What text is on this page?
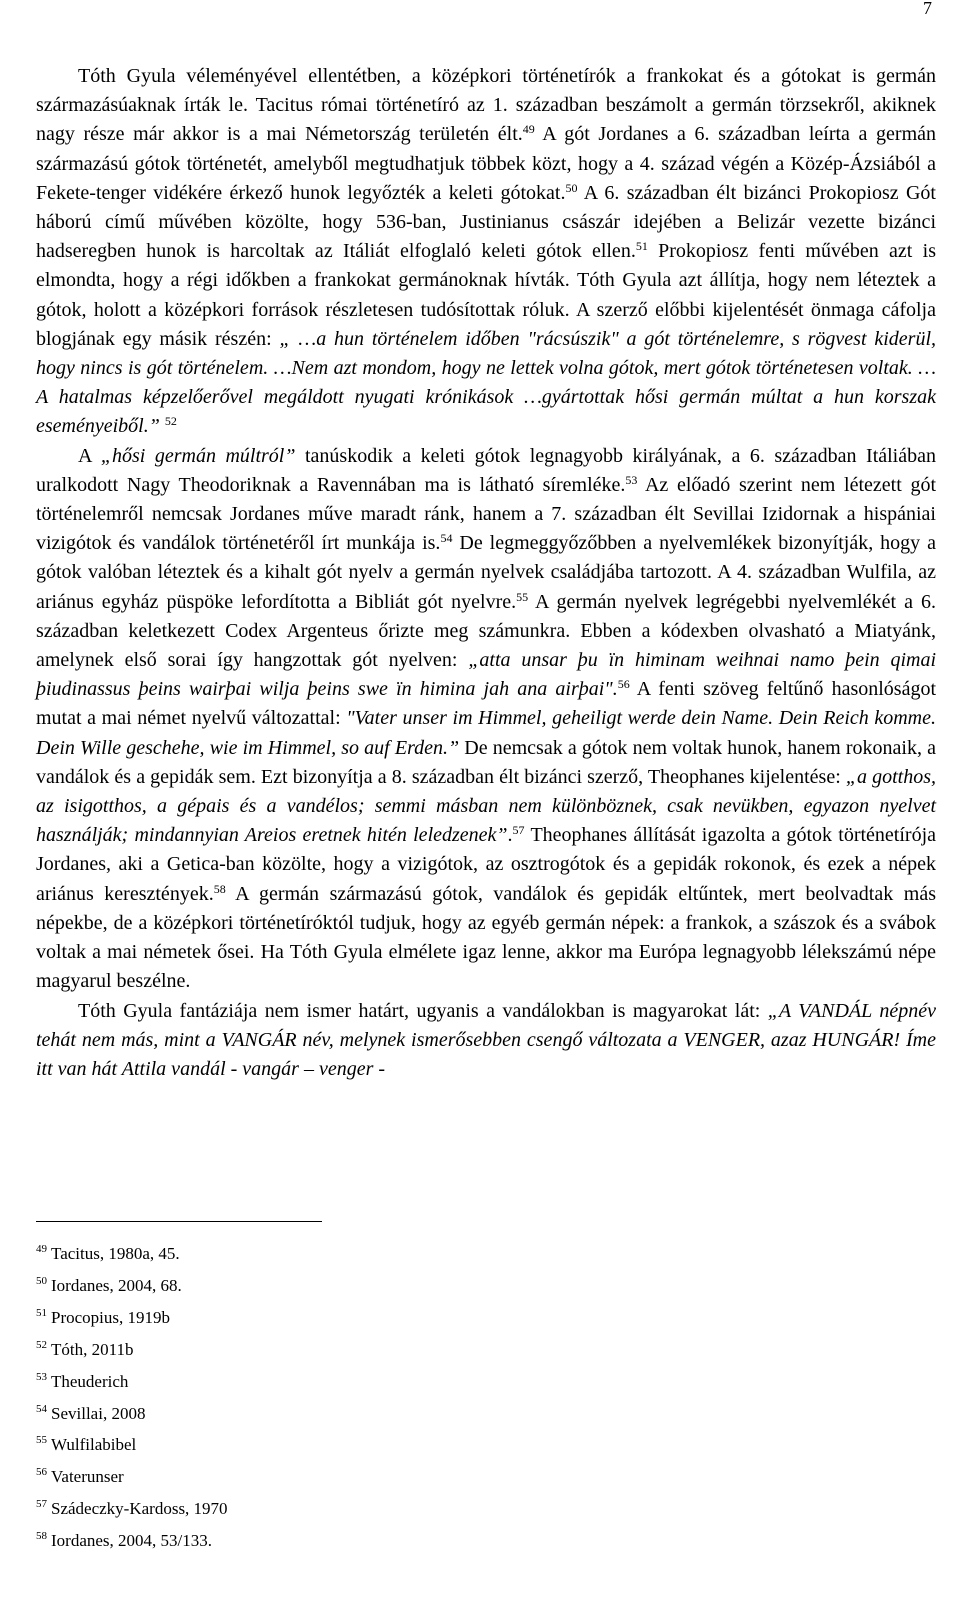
7

Tóth Gyula véleményével ellentétben, a középkori történetírók a frankokat és a gótokat is germán származásúaknak írták le. Tacitus római történetíró az 1. században beszámolt a germán törzsekről, akiknek nagy része már akkor is a mai Németország területén élt.$^{49}$ A gót Jordanes a 6. században leírta a germán származású gótok történetét, amelyből megtudhatjuk többek közt, hogy a 4. század végén a Közép-Ázsiából a Fekete-tenger vidékére érkező hunok legyőzték a keleti gótokat.$^{50}$ A 6. században élt bizánci Prokopiosz Gót háború című művében közölte, hogy 536-ban, Justinianus császár idejében a Belizár vezette bizánci hadseregben hunok is harcoltak az Itáliát elfoglaló keleti gótok ellen.$^{51}$ Prokopiosz fenti művében azt is elmondta, hogy a régi időkben a frankokat germánoknak hívták. Tóth Gyula azt állítja, hogy nem léteztek a gótok, holott a középkori források részletesen tudósítottak róluk. A szerző előbbi kijelentését önmaga cáfolja blogjának egy másik részén: „ …a hun történelem időben "rácsúszik" a gót történelemre, s rögvest kiderül, hogy nincs is gót történelem. …Nem azt mondom, hogy ne lettek volna gótok, mert gótok történetesen voltak. …A hatalmas képzelőerővel megáldott nyugati krónikások …gyártottak hősi germán múltat a hun korszak eseményeiből.” $^{52}$

A „hősi germán múltról” tanúskodik a keleti gótok legnagyobb királyának, a 6. században Itáliában uralkodott Nagy Theodoriknak a Ravennában ma is látható síremléke.$^{53}$ Az előadó szerint nem létezett gót történelemről nemcsak Jordanes műve maradt ránk, hanem a 7. században élt Sevillai Izidornak a hispániai vizigótok és vandálok történetéről írt munkája is.$^{54}$ De legmeggyőzőbben a nyelvemlékek bizonyítják, hogy a gótok valóban léteztek és a kihalt gót nyelv a germán nyelvek családjába tartozott. A 4. században Wulfila, az ariánus egyház püspöke lefordította a Bibliát gót nyelvre.$^{55}$ A germán nyelvek legrégebbi nyelvemlékét a 6. században keletkezett Codex Argenteus őrizte meg számunkra. Ebben a kódexben olvasható a Miatyánk, amelynek első sorai így hangzottak gót nyelven: „atta unsar þu ïn himinam weihnai namo þein qimai þiudinassus þeins wairþai wilja þeins swe ïn himina jah ana airþai".$^{56}$ A fenti szöveg feltűnő hasonlóságot mutat a mai német nyelvű változattal: "Vater unser im Himmel, geheiligt werde dein Name. Dein Reich komme. Dein Wille geschehe, wie im Himmel, so auf Erden.” De nemcsak a gótok nem voltak hunok, hanem rokonaik, a vandálok és a gepidák sem. Ezt bizonyítja a 8. században élt bizánci szerző, Theophanes kijelentése: „a gotthos, az isigotthos, a gépais és a vandélos; semmi másban nem különböznek, csak nevükben, egyazon nyelvet használják; mindannyian Areios eretnek hitén leledzenek”.$^{57}$ Theophanes állítását igazolta a gótok történetírója Jordanes, aki a Getica-ban közölte, hogy a vizigótok, az osztrogótok és a gepidák rokonok, és ezek a népek ariánus keresztények.$^{58}$ A germán származású gótok, vandálok és gepidák eltűntek, mert beolvadtak más népekbe, de a középkori történetíróktól tudjuk, hogy az egyéb germán népek: a frankok, a szászok és a svábok voltak a mai németek ősei. Ha Tóth Gyula elmélete igaz lenne, akkor ma Európa legnagyobb lélekszámú népe magyarul beszélne.

Tóth Gyula fantáziája nem ismer határt, ugyanis a vandálokban is magyarokat lát: „A VANDÁL népnév tehát nem más, mint a VANGÁR név, melynek ismerősebben csengő változata a VENGER, azaz HUNGÁR! Íme itt van hát Attila vandál - vangár – venger -

$^{49}$ Tacitus, 1980a, 45.
$^{50}$ Iordanes, 2004, 68.
$^{51}$ Procopius, 1919b
$^{52}$ Tóth, 2011b
$^{53}$ Theuderich
$^{54}$ Sevillai, 2008
$^{55}$ Wulfilabibel
$^{56}$ Vaterunser
$^{57}$ Szádeczky-Kardoss, 1970
$^{58}$ Iordanes, 2004, 53/133.
